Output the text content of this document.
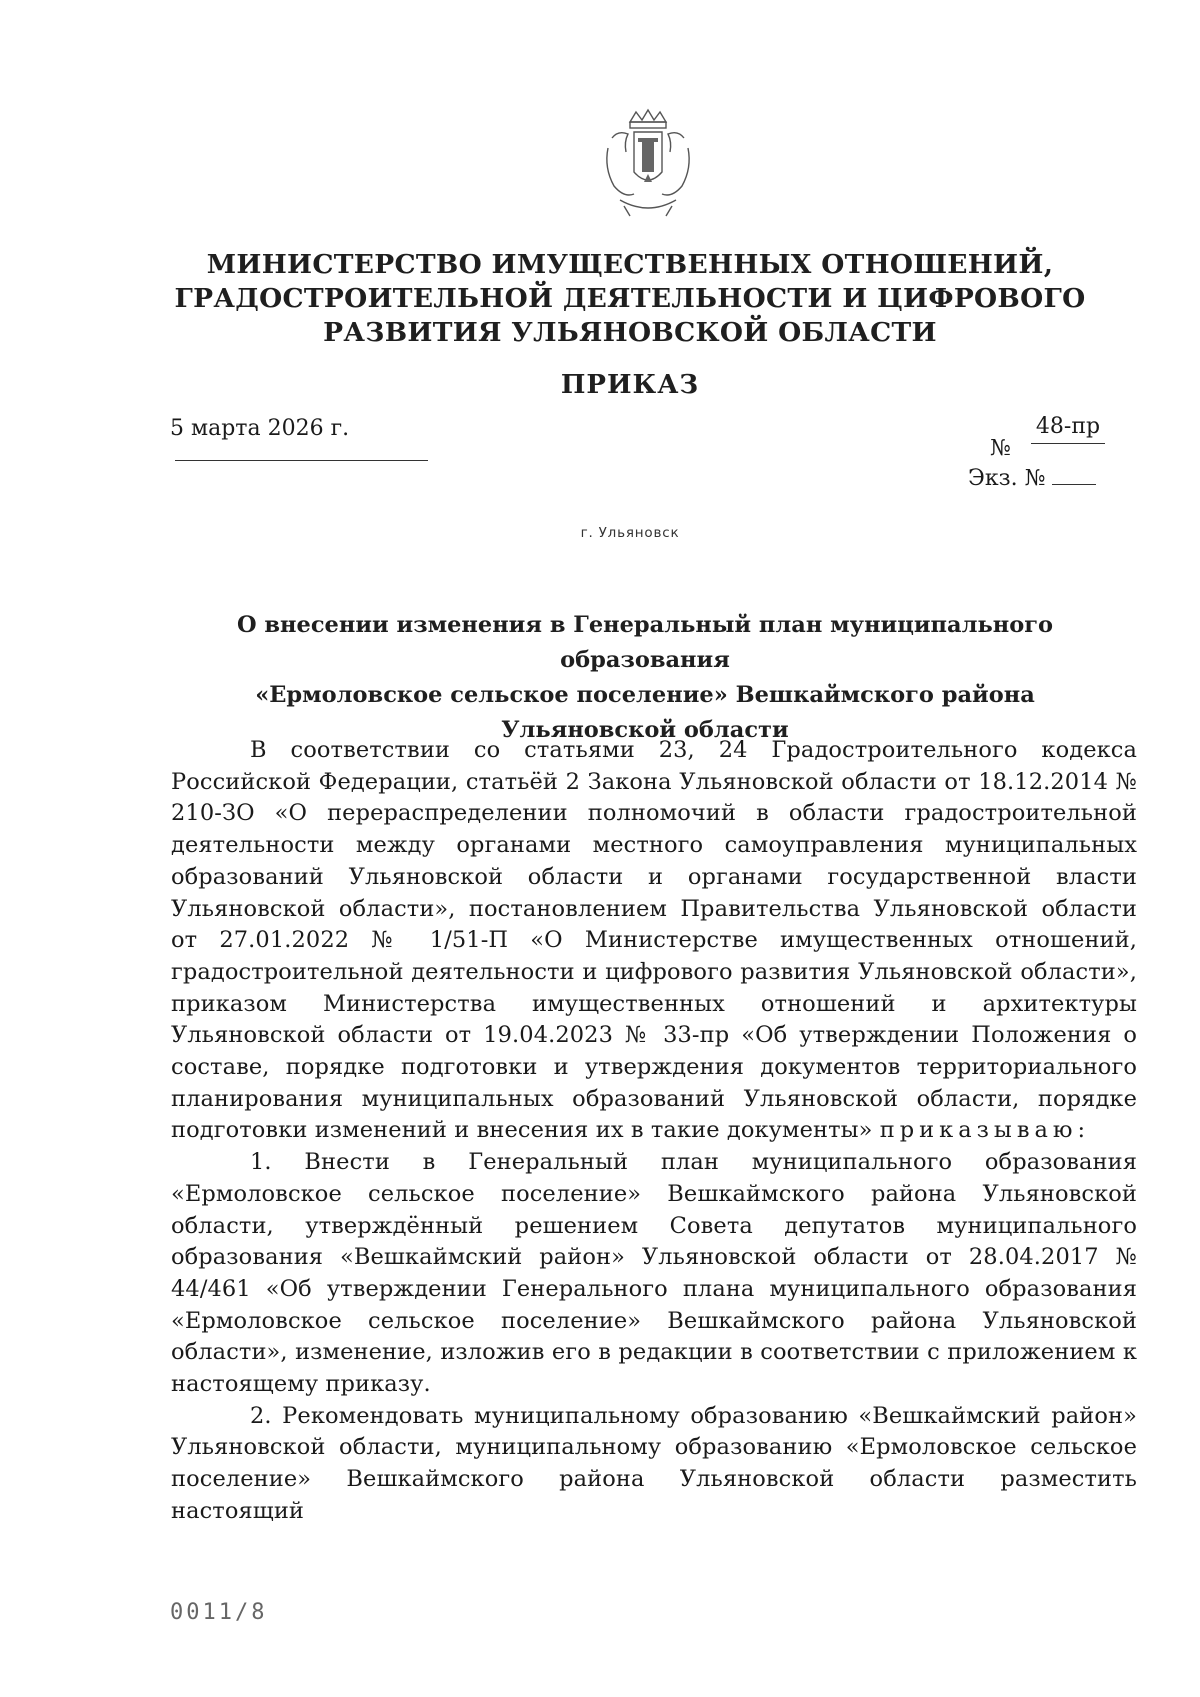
МИНИСТЕРСТВО ИМУЩЕСТВЕННЫХ ОТНОШЕНИЙ,
ГРАДОСТРОИТЕЛЬНОЙ ДЕЯТЕЛЬНОСТИ И ЦИФРОВОГО
РАЗВИТИЯ УЛЬЯНОВСКОЙ ОБЛАСТИ
ПРИКАЗ
5 марта 2026 г.
№
48-пр
Экз. №
г. Ульяновск
О внесении изменения в Генеральный план муниципального образования
«Ермоловское сельское поселение» Вешкаймского района
Ульяновской области

В соответствии со статьями 23, 24 Градостроительного кодекса Российской Федерации, статьёй 2 Закона Ульяновской области от 18.12.2014 № 210-ЗО «О перераспределении полномочий в области градостроительной деятельности между органами местного самоуправления муниципальных образований Ульяновской области и органами государственной власти Ульяновской области», постановлением Правительства Ульяновской области от 27.01.2022 № 1/51-П «О Министерстве имущественных отношений, градостроительной деятельности и цифрового развития Ульяновской области», приказом Министерства имущественных отношений и архитектуры Ульяновской области от 19.04.2023 № 33-пр «Об утверждении Положения о составе, порядке подготовки и утверждения документов территориального планирования муниципальных образований Ульяновской области, порядке подготовки изменений и внесения их в такие документы» приказываю:

1. Внести в Генеральный план муниципального образования «Ермоловское сельское поселение» Вешкаймского района Ульяновской области, утверждённый решением Совета депутатов муниципального образования «Вешкаймский район» Ульяновской области от 28.04.2017 № 44/461 «Об утверждении Генерального плана муниципального образования «Ермоловское сельское поселение» Вешкаймского района Ульяновской области», изменение, изложив его в редакции в соответствии с приложением к настоящему приказу.

2. Рекомендовать муниципальному образованию «Вешкаймский район» Ульяновской области, муниципальному образованию «Ермоловское сельское поселение» Вешкаймского района Ульяновской области разместить настоящий

0011/8
